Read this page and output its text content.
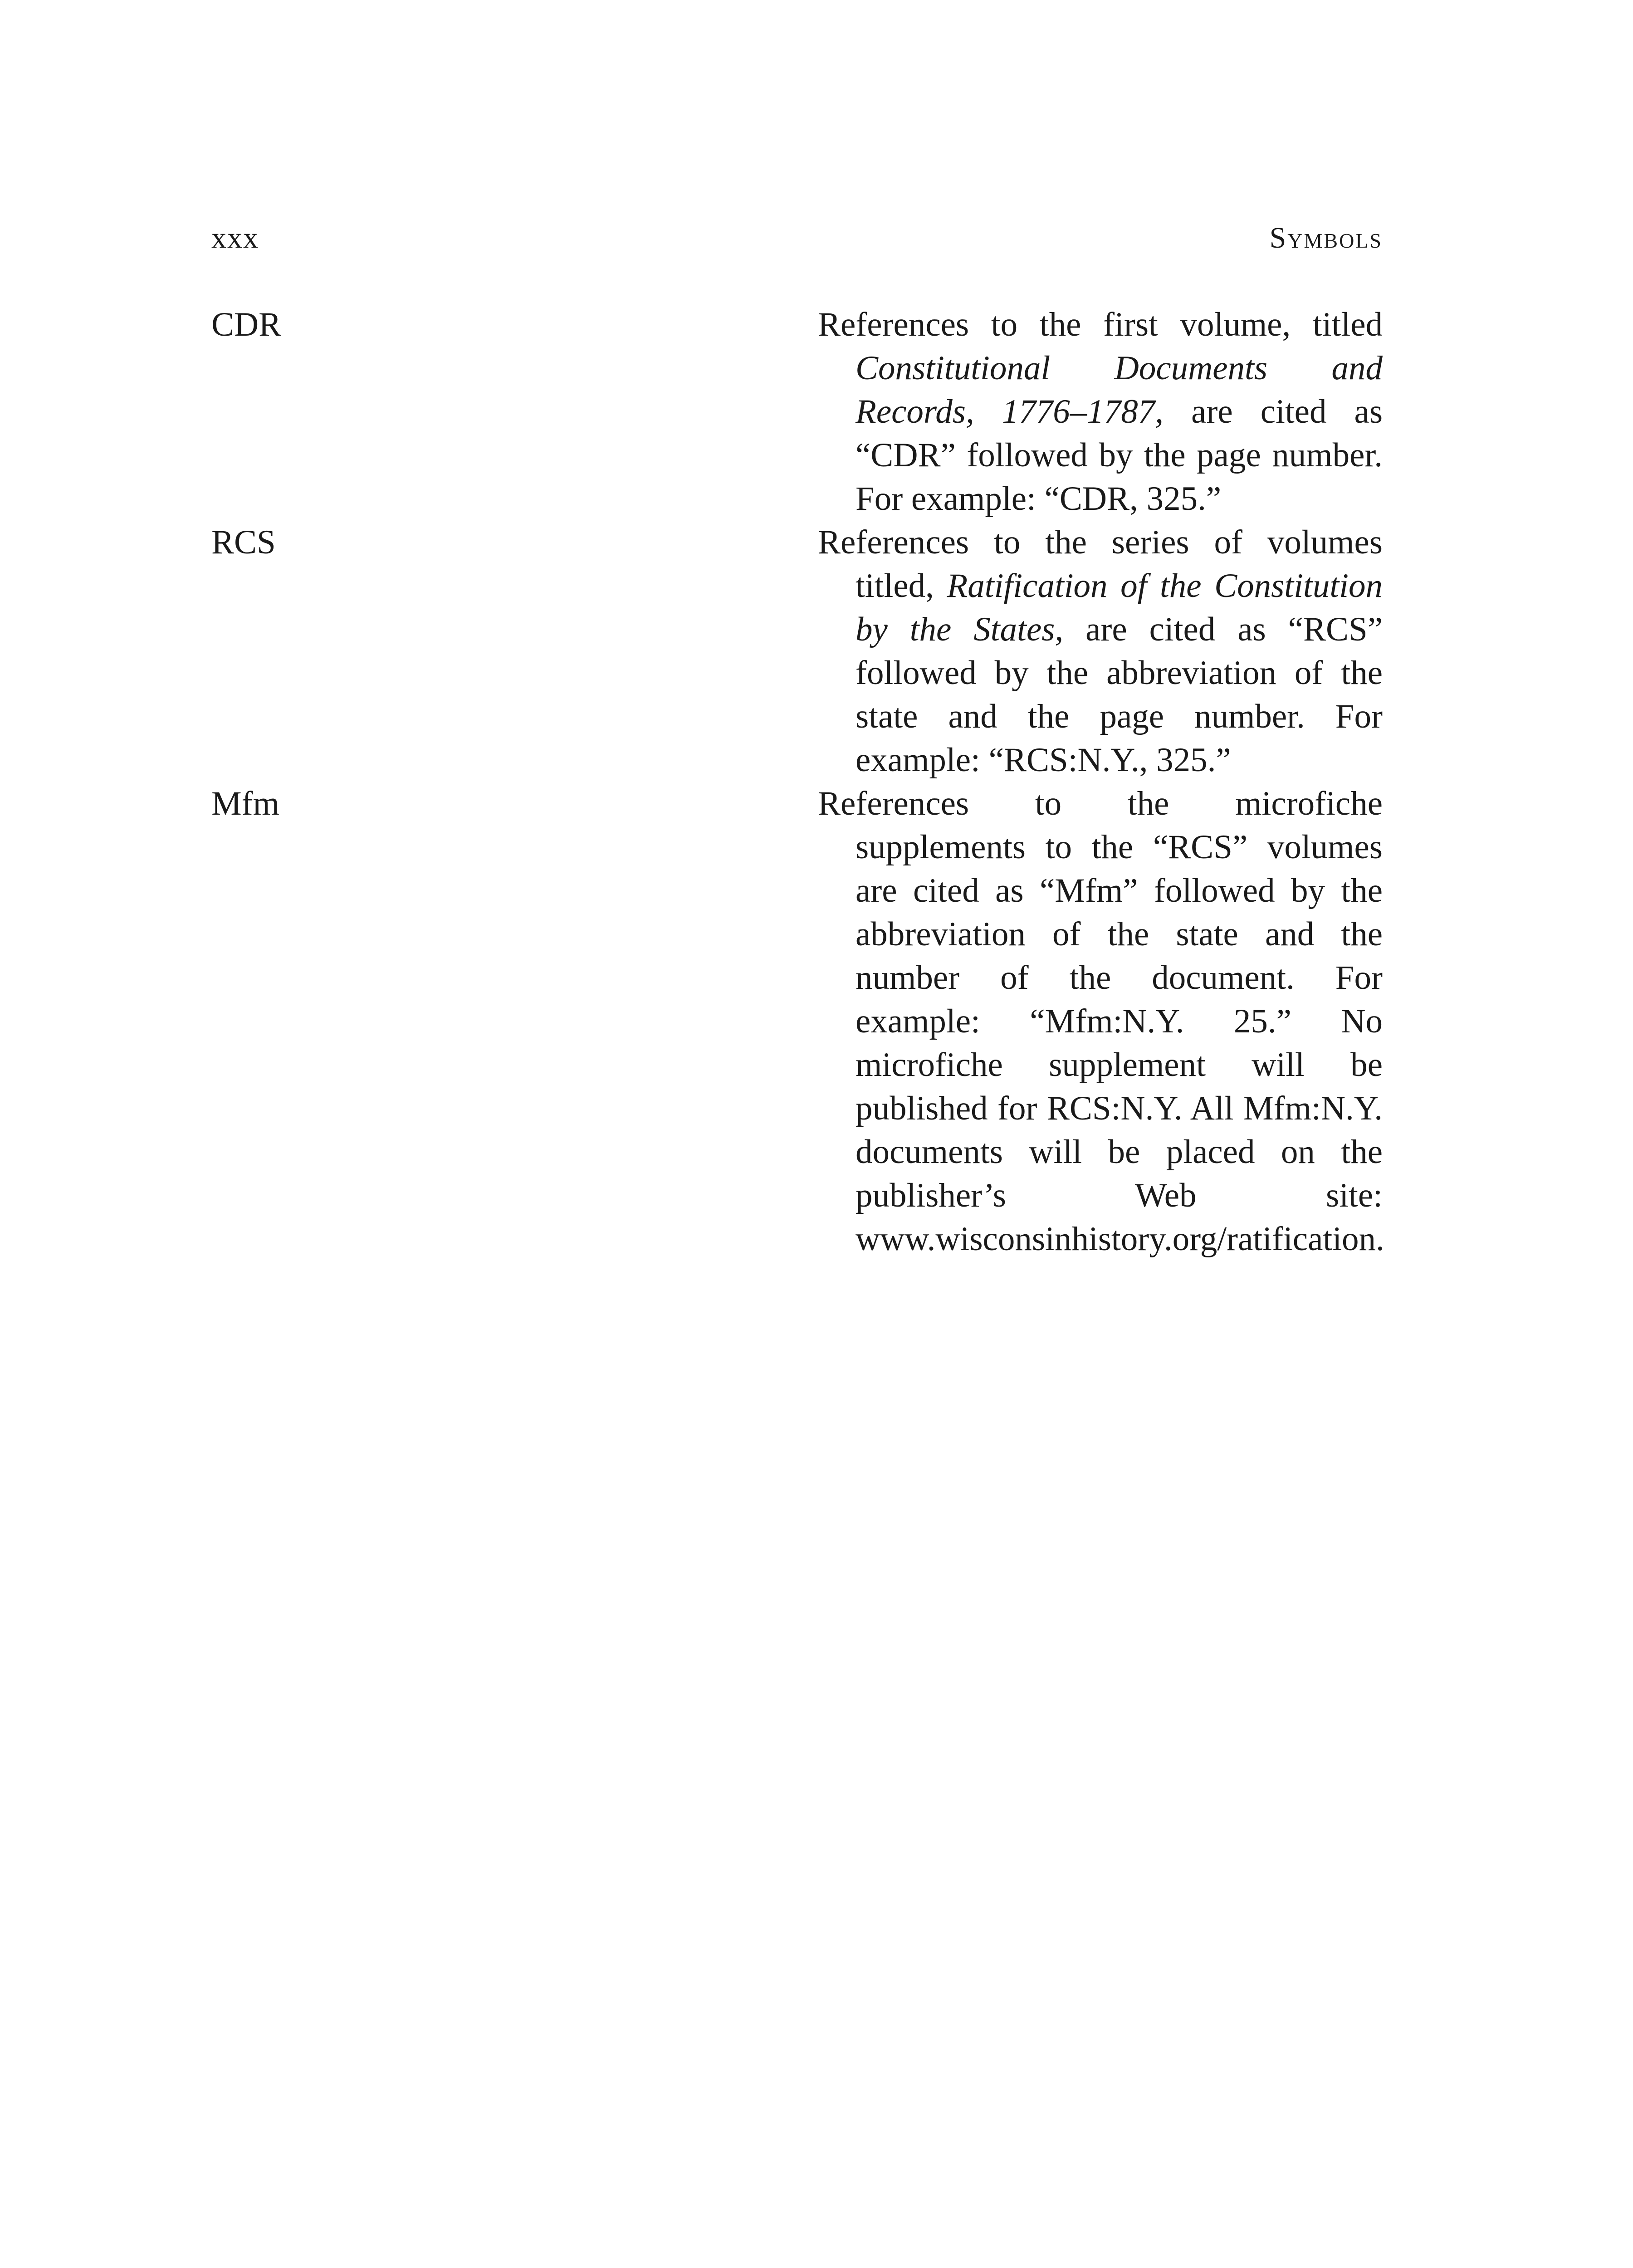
xxx	Symbols
CDR	References to the first volume, titled Constitutional Documents and Records, 1776–1787, are cited as “CDR” followed by the page number. For example: “CDR, 325.”

RCS	References to the series of volumes titled, Ratification of the Constitution by the States, are cited as “RCS” followed by the abbreviation of the state and the page number. For example: “RCS:N.Y., 325.”

Mfm	References to the microfiche supplements to the “RCS” volumes are cited as “Mfm” followed by the abbreviation of the state and the number of the document. For example: “Mfm:N.Y. 25.” No microfiche supplement will be published for RCS:N.Y. All Mfm:N.Y. documents will be placed on the publisher’s Web site: www.wisconsinhistory.org/ratification.
